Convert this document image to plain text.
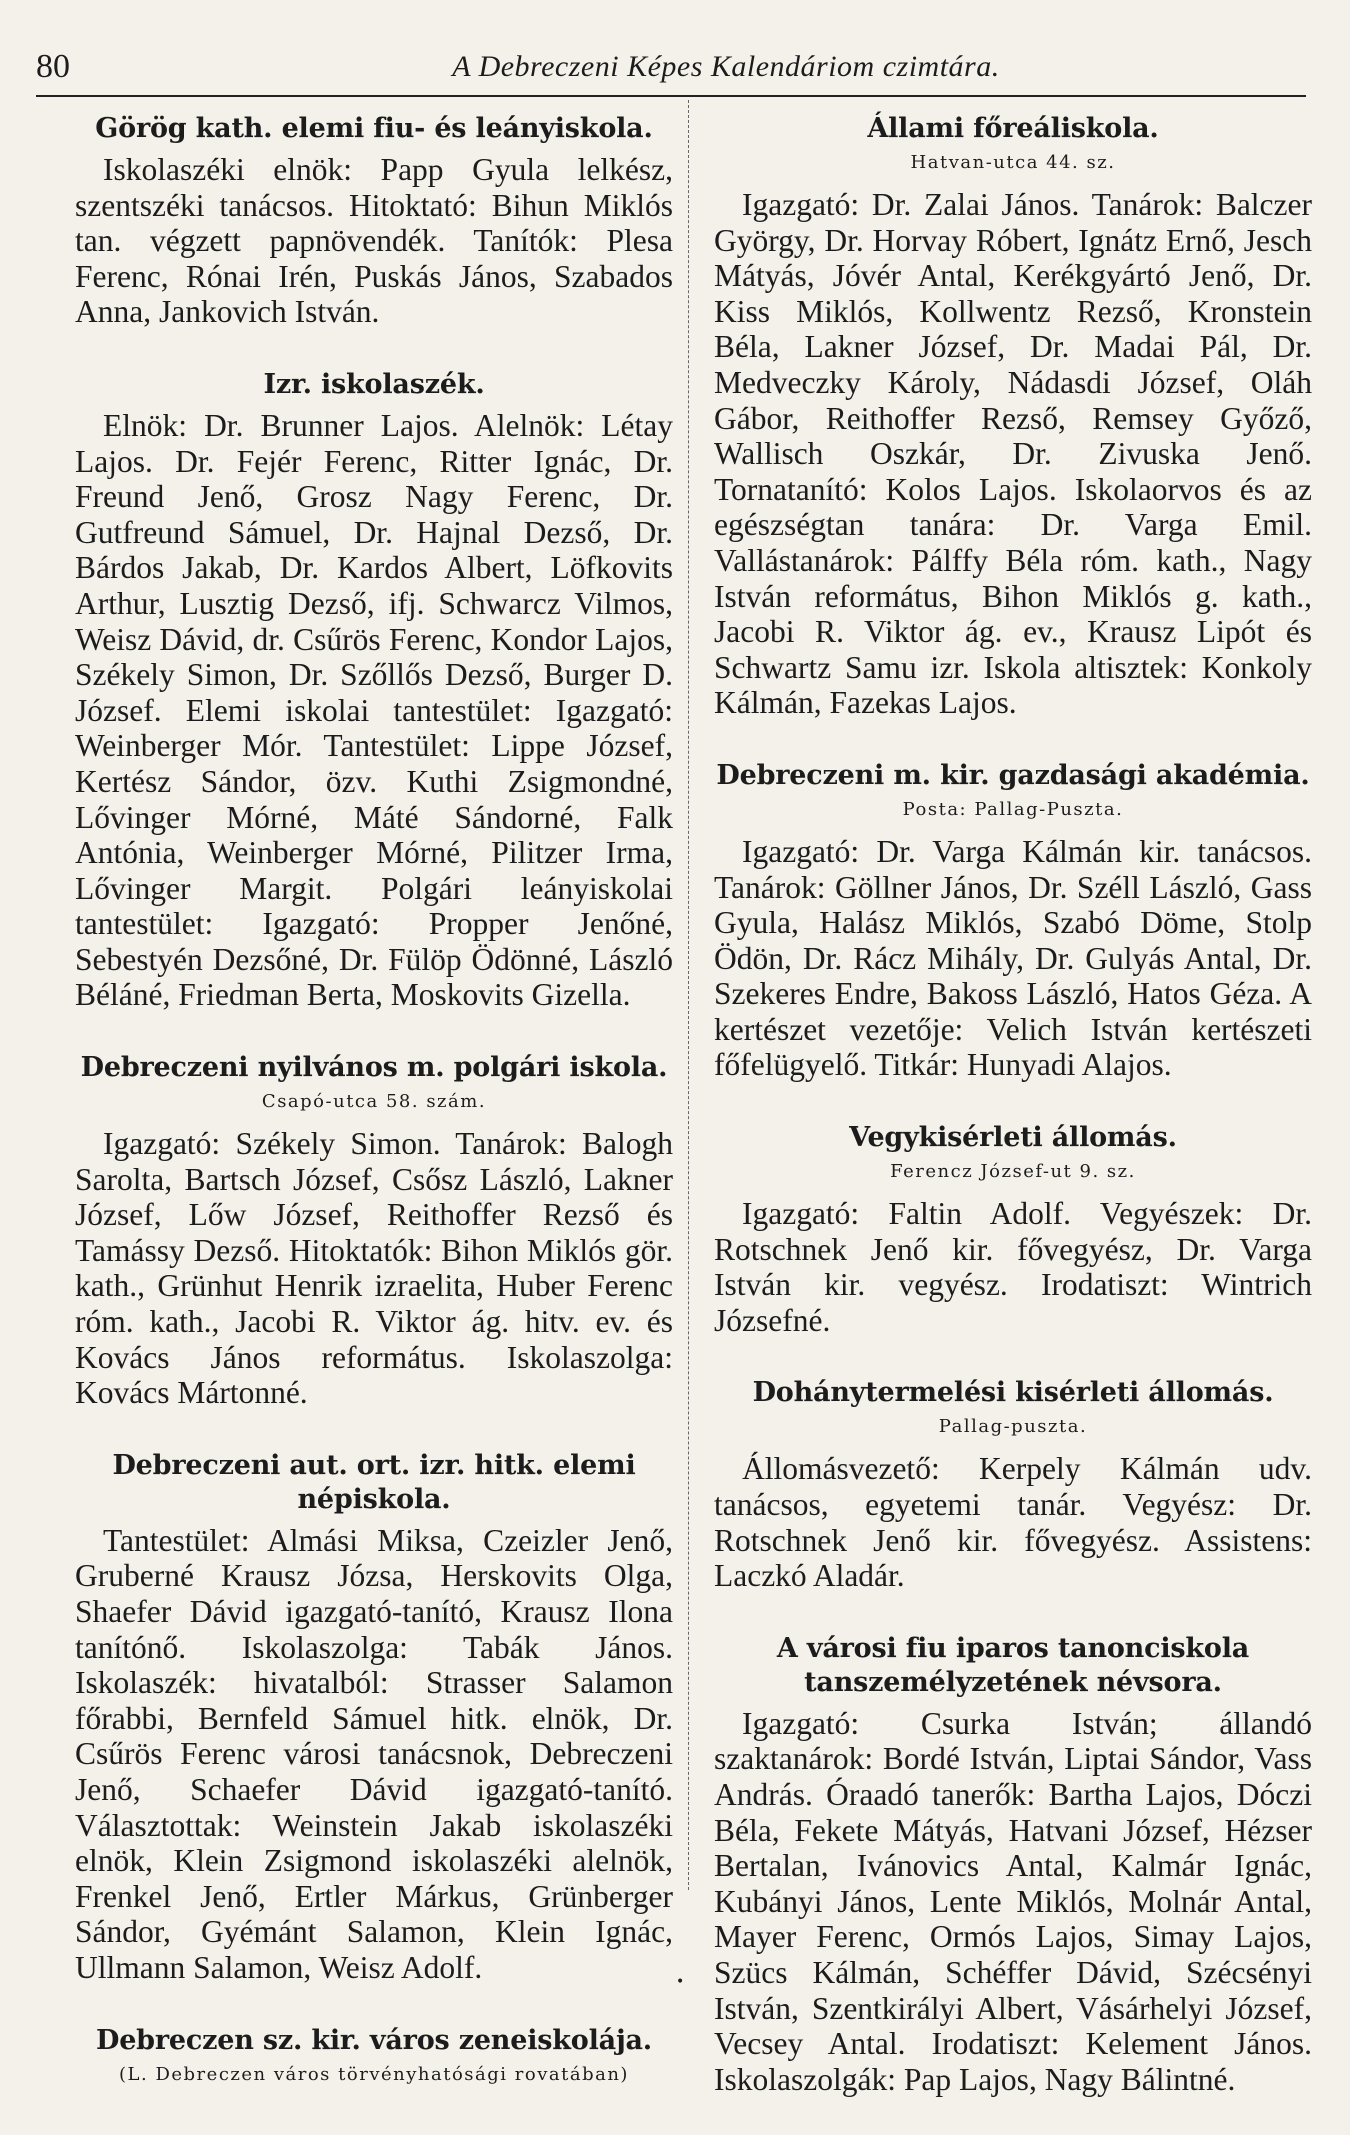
80	A Debreczeni Képes Kalendáriom czimtára.
Görög kath. elemi fiu- és leányiskola.
Iskolaszéki elnök: Papp Gyula lelkész, szentszéki tanácsos. Hitoktató: Bihun Miklós tan. végzett papnövendék. Tanítók: Plesa Ferenc, Rónai Irén, Puskás János, Szabados Anna, Jankovich István.
Izr. iskolaszék.
Elnök: Dr. Brunner Lajos. Alelnök: Létay Lajos. Dr. Fejér Ferenc, Ritter Ignác, Dr. Freund Jenő, Grosz Nagy Ferenc, Dr. Gutfreund Sámuel, Dr. Hajnal Dezső, Dr. Bárdos Jakab, Dr. Kardos Albert, Löfkovits Arthur, Lusztig Dezső, ifj. Schwarcz Vilmos, Weisz Dávid, dr. Csűrös Ferenc, Kondor Lajos, Székely Simon, Dr. Szőllős Dezső, Burger D. József. Elemi iskolai tantestület: Igazgató: Weinberger Mór. Tantestület: Lippe József, Kertész Sándor, özv. Kuthi Zsigmondné, Lővinger Mórné, Máté Sándorné, Falk Antónia, Weinberger Mórné, Pilitzer Irma, Lővinger Margit. Polgári leányiskolai tantestület: Igazgató: Propper Jenőné, Sebestyén Dezsőné, Dr. Fülöp Ödönné, László Béláné, Friedman Berta, Moskovits Gizella.
Debreczeni nyilvános m. polgári iskola.
Csapó-utca 58. szám.
Igazgató: Székely Simon. Tanárok: Balogh Sarolta, Bartsch József, Csősz László, Lakner József, Lőw József, Reithoffer Rezső és Tamássy Dezső. Hitoktatók: Bihon Miklós gör. kath., Grünhut Henrik izraelita, Huber Ferenc róm. kath., Jacobi R. Viktor ág. hitv. ev. és Kovács János református. Iskolaszolga: Kovács Mártonné.
Debreczeni aut. ort. izr. hitk. elemi népiskola.
Tantestület: Almási Miksa, Czeizler Jenő, Gruberné Krausz Józsa, Herskovits Olga, Shaefer Dávid igazgató-tanító, Krausz Ilona tanítónő. Iskolaszolga: Tabák János. Iskolaszék: hivatalból: Strasser Salamon főrabbi, Bernfeld Sámuel hitk. elnök, Dr. Csűrös Ferenc városi tanácsnok, Debreczeni Jenő, Schaefer Dávid igazgató-tanító. Választottak: Weinstein Jakab iskolaszéki elnök, Klein Zsigmond iskolaszéki alelnök, Frenkel Jenő, Ertler Márkus, Grünberger Sándor, Gyémánt Salamon, Klein Ignác, Ullmann Salamon, Weisz Adolf.
Debreczen sz. kir. város zeneiskolája.
(L. Debreczen város törvényhatósági rovatában)
Állami főreáliskola.
Hatvan-utca 44. sz.
Igazgató: Dr. Zalai János. Tanárok: Balczer György, Dr. Horvay Róbert, Ignátz Ernő, Jesch Mátyás, Jóvér Antal, Kerékgyártó Jenő, Dr. Kiss Miklós, Kollwentz Rezső, Kronstein Béla, Lakner József, Dr. Madai Pál, Dr. Medveczky Károly, Nádasdi József, Oláh Gábor, Reithoffer Rezső, Remsey Győző, Wallisch Oszkár, Dr. Zivuska Jenő. Tornatanító: Kolos Lajos. Iskolaorvos és az egészségtan tanára: Dr. Varga Emil. Vallástanárok: Pálffy Béla róm. kath., Nagy István református, Bihon Miklós g. kath., Jacobi R. Viktor ág. ev., Krausz Lipót és Schwartz Samu izr. Iskola altisztek: Konkoly Kálmán, Fazekas Lajos.
Debreczeni m. kir. gazdasági akadémia.
Posta: Pallag-Puszta.
Igazgató: Dr. Varga Kálmán kir. tanácsos. Tanárok: Göllner János, Dr. Széll László, Gass Gyula, Halász Miklós, Szabó Döme, Stolp Ödön, Dr. Rácz Mihály, Dr. Gulyás Antal, Dr. Szekeres Endre, Bakoss László, Hatos Géza. A kertészet vezetője: Velich István kertészeti főfelügyelő. Titkár: Hunyadi Alajos.
Vegykisérleti állomás.
Ferencz József-ut 9. sz.
Igazgató: Faltin Adolf. Vegyészek: Dr. Rotschnek Jenő kir. fővegyész, Dr. Varga István kir. vegyész. Irodatiszt: Wintrich Józsefné.
Dohánytermelési kisérleti állomás.
Pallag-puszta.
Állomásvezető: Kerpely Kálmán udv. tanácsos, egyetemi tanár. Vegyész: Dr. Rotschnek Jenő kir. fővegyész. Assistens: Laczkó Aladár.
A városi fiu iparos tanonciskola tanszemélyzetének névsora.
Igazgató: Csurka István; állandó szaktanárok: Bordé István, Liptai Sándor, Vass András. Óraadó tanerők: Bartha Lajos, Dóczi Béla, Fekete Mátyás, Hatvani József, Hézser Bertalan, Ivánovics Antal, Kalmár Ignác, Kubányi János, Lente Miklós, Molnár Antal, Mayer Ferenc, Ormós Lajos, Simay Lajos, Szücs Kálmán, Schéffer Dávid, Szécsényi István, Szentkirályi Albert, Vásárhelyi József, Vecsey Antal. Irodatiszt: Kelement János. Iskolaszolgák: Pap Lajos, Nagy Bálintné.
•
